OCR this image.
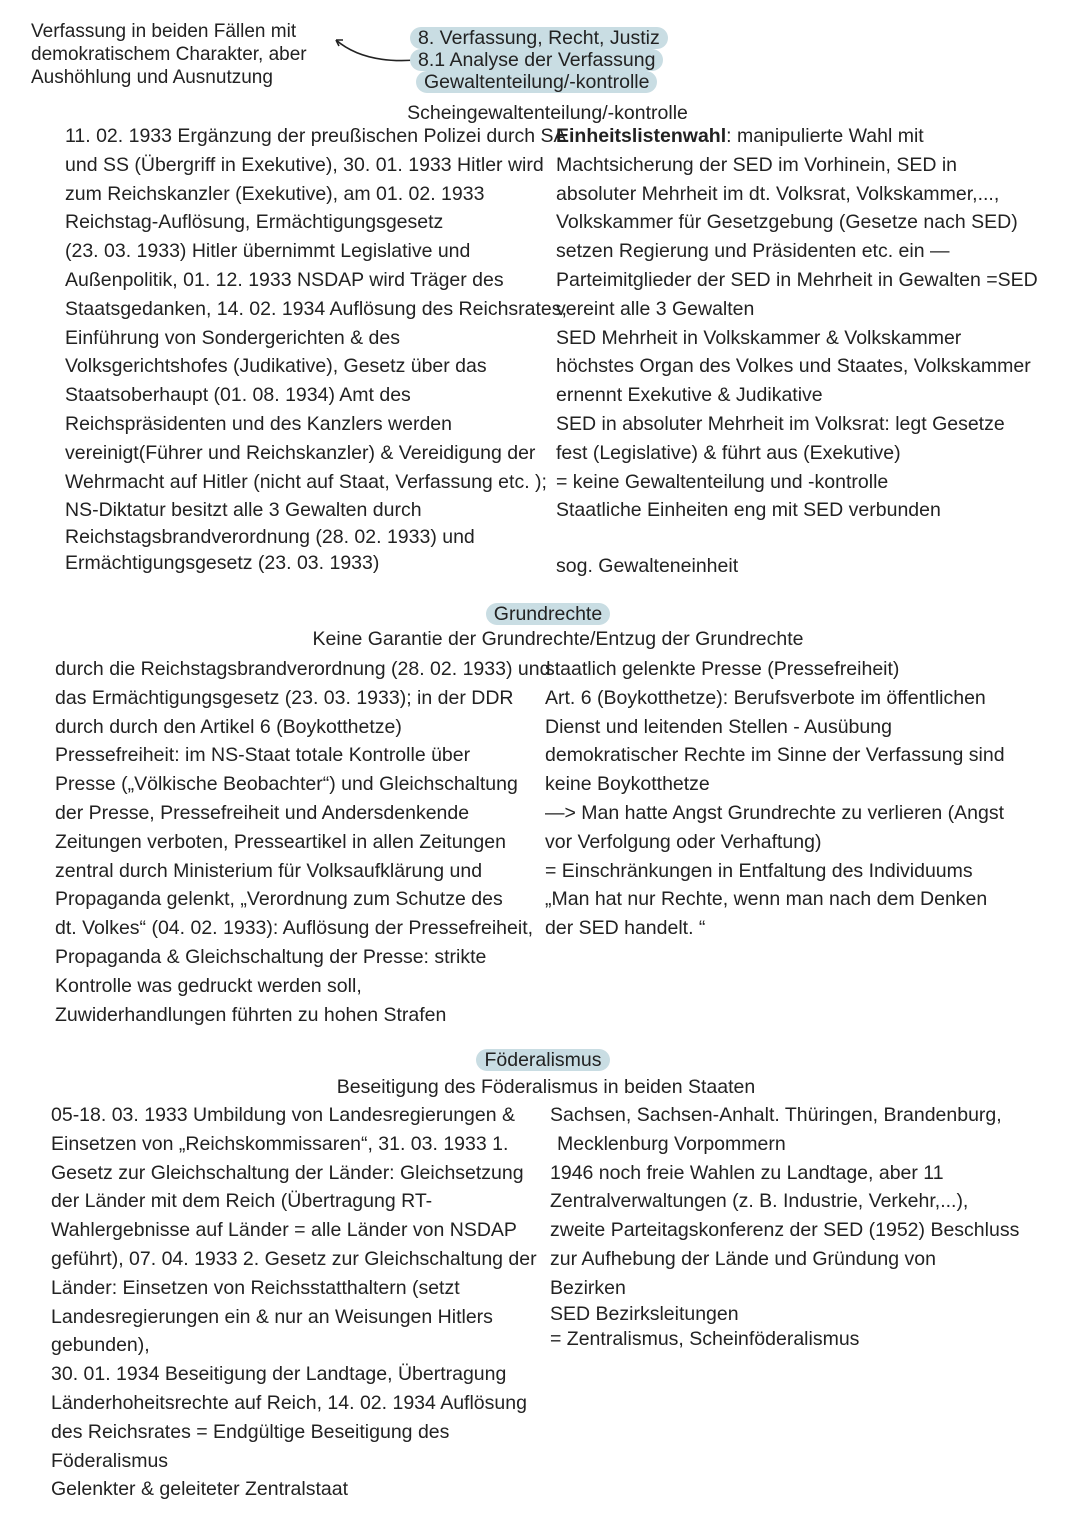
Verfassung in beiden Fällen mit
demokratischem Charakter, aber
Aushöhlung und Ausnutzung
8. Verfassung, Recht, Justiz
8.1 Analyse der Verfassung
Gewaltenteilung/-kontrolle
Scheingewaltenteilung/-kontrolle
11. 02. 1933 Ergänzung der preußischen Polizei durch SA
und SS (Übergriff in Exekutive), 30. 01. 1933 Hitler wird
zum Reichskanzler (Exekutive), am 01. 02. 1933
Reichstag-Auflösung, Ermächtigungsgesetz
(23. 03. 1933) Hitler übernimmt Legislative und
Außenpolitik, 01. 12. 1933 NSDAP wird Träger des
Staatsgedanken, 14. 02. 1934 Auflösung des Reichsrates,
Einführung von Sondergerichten & des
Volksgerichtshofes (Judikative), Gesetz über das
Staatsoberhaupt (01. 08. 1934) Amt des
Reichspräsidenten und des Kanzlers werden
vereinigt(Führer und Reichskanzler) & Vereidigung der
Wehrmacht auf Hitler (nicht auf Staat, Verfassung etc. );
NS-Diktatur besitzt alle 3 Gewalten durch
Reichstagsbrandverordnung (28. 02. 1933) und
Ermächtigungsgesetz (23. 03. 1933)
Einheitslistenwahl: manipulierte Wahl mit
Machtsicherung der SED im Vorhinein, SED in
absoluter Mehrheit im dt. Volksrat, Volkskammer,...,
Volkskammer für Gesetzgebung (Gesetze nach SED)
setzen Regierung und Präsidenten etc. ein —
Parteimitglieder der SED in Mehrheit in Gewalten =SED
vereint alle 3 Gewalten
SED Mehrheit in Volkskammer & Volkskammer
höchstes Organ des Volkes und Staates, Volkskammer
ernennt Exekutive & Judikative
SED in absoluter Mehrheit im Volksrat: legt Gesetze
fest (Legislative) & führt aus (Exekutive)
= keine Gewaltenteilung und -kontrolle
Staatliche Einheiten eng mit SED verbunden
sog. Gewalteneinheit
Grundrechte
Keine Garantie der Grundrechte/Entzug der Grundrechte
durch die Reichstagsbrandverordnung (28. 02. 1933) und
das Ermächtigungsgesetz (23. 03. 1933); in der DDR
durch durch den Artikel 6 (Boykotthetze)
Pressefreiheit: im NS-Staat totale Kontrolle über
Presse („Völkische Beobachter“) und Gleichschaltung
der Presse, Pressefreiheit und Andersdenkende
Zeitungen verboten, Presseartikel in allen Zeitungen
zentral durch Ministerium für Volksaufklärung und
Propaganda gelenkt, „Verordnung zum Schutze des
dt. Volkes“ (04. 02. 1933): Auflösung der Pressefreiheit,
Propaganda & Gleichschaltung der Presse: strikte
Kontrolle was gedruckt werden soll,
Zuwiderhandlungen führten zu hohen Strafen
staatlich gelenkte Presse (Pressefreiheit)
Art. 6 (Boykotthetze): Berufsverbote im öffentlichen
Dienst und leitenden Stellen - Ausübung
demokratischer Rechte im Sinne der Verfassung sind
keine Boykotthetze
—> Man hatte Angst Grundrechte zu verlieren (Angst
vor Verfolgung oder Verhaftung)
= Einschränkungen in Entfaltung des Individuums
„Man hat nur Rechte, wenn man nach dem Denken
der SED handelt. “
Föderalismus
Beseitigung des Föderalismus in beiden Staaten
05-18. 03. 1933 Umbildung von Landesregierungen &
Einsetzen von „Reichskommissaren“, 31. 03. 1933 1.
Gesetz zur Gleichschaltung der Länder: Gleichsetzung
der Länder mit dem Reich (Übertragung RT-
Wahlergebnisse auf Länder = alle Länder von NSDAP
geführt), 07. 04. 1933 2. Gesetz zur Gleichschaltung der
Länder: Einsetzen von Reichsstatthaltern (setzt
Landesregierungen ein & nur an Weisungen Hitlers
gebunden),
30. 01. 1934 Beseitigung der Landtage, Übertragung
Länderhoheitsrechte auf Reich, 14. 02. 1934 Auflösung
des Reichsrates = Endgültige Beseitigung des
Föderalismus
Gelenkter & geleiteter Zentralstaat
Sachsen, Sachsen-Anhalt. Thüringen, Brandenburg,
Mecklenburg Vorpommern
1946 noch freie Wahlen zu Landtage, aber 11
Zentralverwaltungen (z. B. Industrie, Verkehr,...),
zweite Parteitagskonferenz der SED (1952) Beschluss
zur Aufhebung der Lände und Gründung von
Bezirken
SED Bezirksleitungen
= Zentralismus, Scheinföderalismus
